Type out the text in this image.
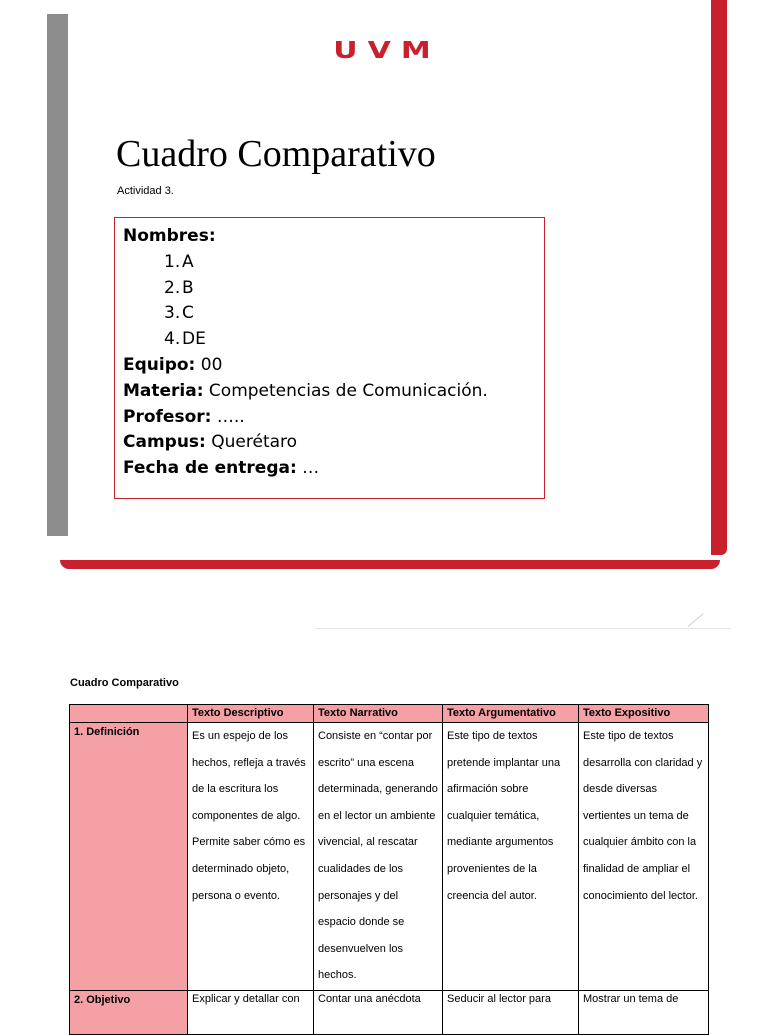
UVM
Cuadro Comparativo
Actividad 3.
Nombres:
1. A
2. B
3. C
4. DE
Equipo: 00
Materia: Competencias de Comunicación.
Profesor: …..
Campus: Querétaro
Fecha de entrega: …
Cuadro Comparativo
	Texto Descriptivo	Texto Narrativo	Texto Argumentativo	Texto Expositivo
1. Definición	Es un espejo de los hechos, refleja a través de la escritura los componentes de algo. Permite saber cómo es determinado objeto, persona o evento.	Consiste en “contar por escrito” una escena determinada, generando en el lector un ambiente vivencial, al rescatar cualidades de los personajes y del espacio donde se desenvuelven los hechos.	Este tipo de textos pretende implantar una afirmación sobre cualquier temática, mediante argumentos provenientes de la creencia del autor.	Este tipo de textos desarrolla con claridad y desde diversas vertientes un tema de cualquier ámbito con la finalidad de ampliar el conocimiento del lector.
2. Objetivo	Explicar y detallar con	Contar una anécdota	Seducir al lector para	Mostrar un tema de
